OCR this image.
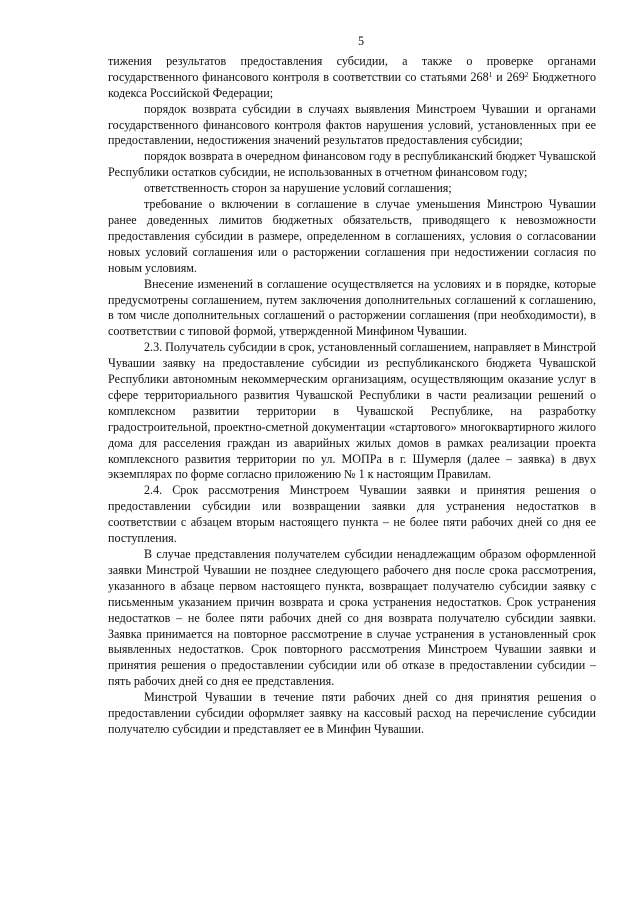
5

тижения результатов предоставления субсидии, а также о проверке органами государственного финансового контроля в соответствии со статьями $268^1$ и $269^2$ Бюджетного кодекса Российской Федерации;

порядок возврата субсидии в случаях выявления Минстроем Чувашии и органами государственного финансового контроля фактов нарушения условий, установленных при ее предоставлении, недостижения значений результатов предоставления субсидии;

порядок возврата в очередном финансовом году в республиканский бюджет Чувашской Республики остатков субсидии, не использованных в отчетном финансовом году;

ответственность сторон за нарушение условий соглашения;

требование о включении в соглашение в случае уменьшения Минстрою Чувашии ранее доведенных лимитов бюджетных обязательств, приводящего к невозможности предоставления субсидии в размере, определенном в соглашениях, условия о согласовании новых условий соглашения или о расторжении соглашения при недостижении согласия по новым условиям.

Внесение изменений в соглашение осуществляется на условиях и в порядке, которые предусмотрены соглашением, путем заключения дополнительных соглашений к соглашению, в том числе дополнительных соглашений о расторжении соглашения (при необходимости), в соответствии с типовой формой, утвержденной Минфином Чувашии.

2.3. Получатель субсидии в срок, установленный соглашением, направляет в Минстрой Чувашии заявку на предоставление субсидии из республиканского бюджета Чувашской Республики автономным некоммерческим организациям, осуществляющим оказание услуг в сфере территориального развития Чувашской Республики в части реализации решений о комплексном развитии территории в Чувашской Республике, на разработку градостроительной, проектно-сметной документации «стартового» многоквартирного жилого дома для расселения граждан из аварийных жилых домов в рамках реализации проекта комплексного развития территории по ул. МОПРа в г. Шумерля (далее – заявка) в двух экземплярах по форме согласно приложению № 1 к настоящим Правилам.

2.4. Срок рассмотрения Минстроем Чувашии заявки и принятия решения о предоставлении субсидии или возвращении заявки для устранения недостатков в соответствии с абзацем вторым настоящего пункта – не более пяти рабочих дней со дня ее поступления.

В случае представления получателем субсидии ненадлежащим образом оформленной заявки Минстрой Чувашии не позднее следующего рабочего дня после срока рассмотрения, указанного в абзаце первом настоящего пункта, возвращает получателю субсидии заявку с письменным указанием причин возврата и срока устранения недостатков. Срок устранения недостатков – не более пяти рабочих дней со дня возврата получателю субсидии заявки. Заявка принимается на повторное рассмотрение в случае устранения в установленный срок выявленных недостатков. Срок повторного рассмотрения Минстроем Чувашии заявки и принятия решения о предоставлении субсидии или об отказе в предоставлении субсидии – пять рабочих дней со дня ее представления.

Минстрой Чувашии в течение пяти рабочих дней со дня принятия решения о предоставлении субсидии оформляет заявку на кассовый расход на перечисление субсидии получателю субсидии и представляет ее в Минфин Чувашии.
